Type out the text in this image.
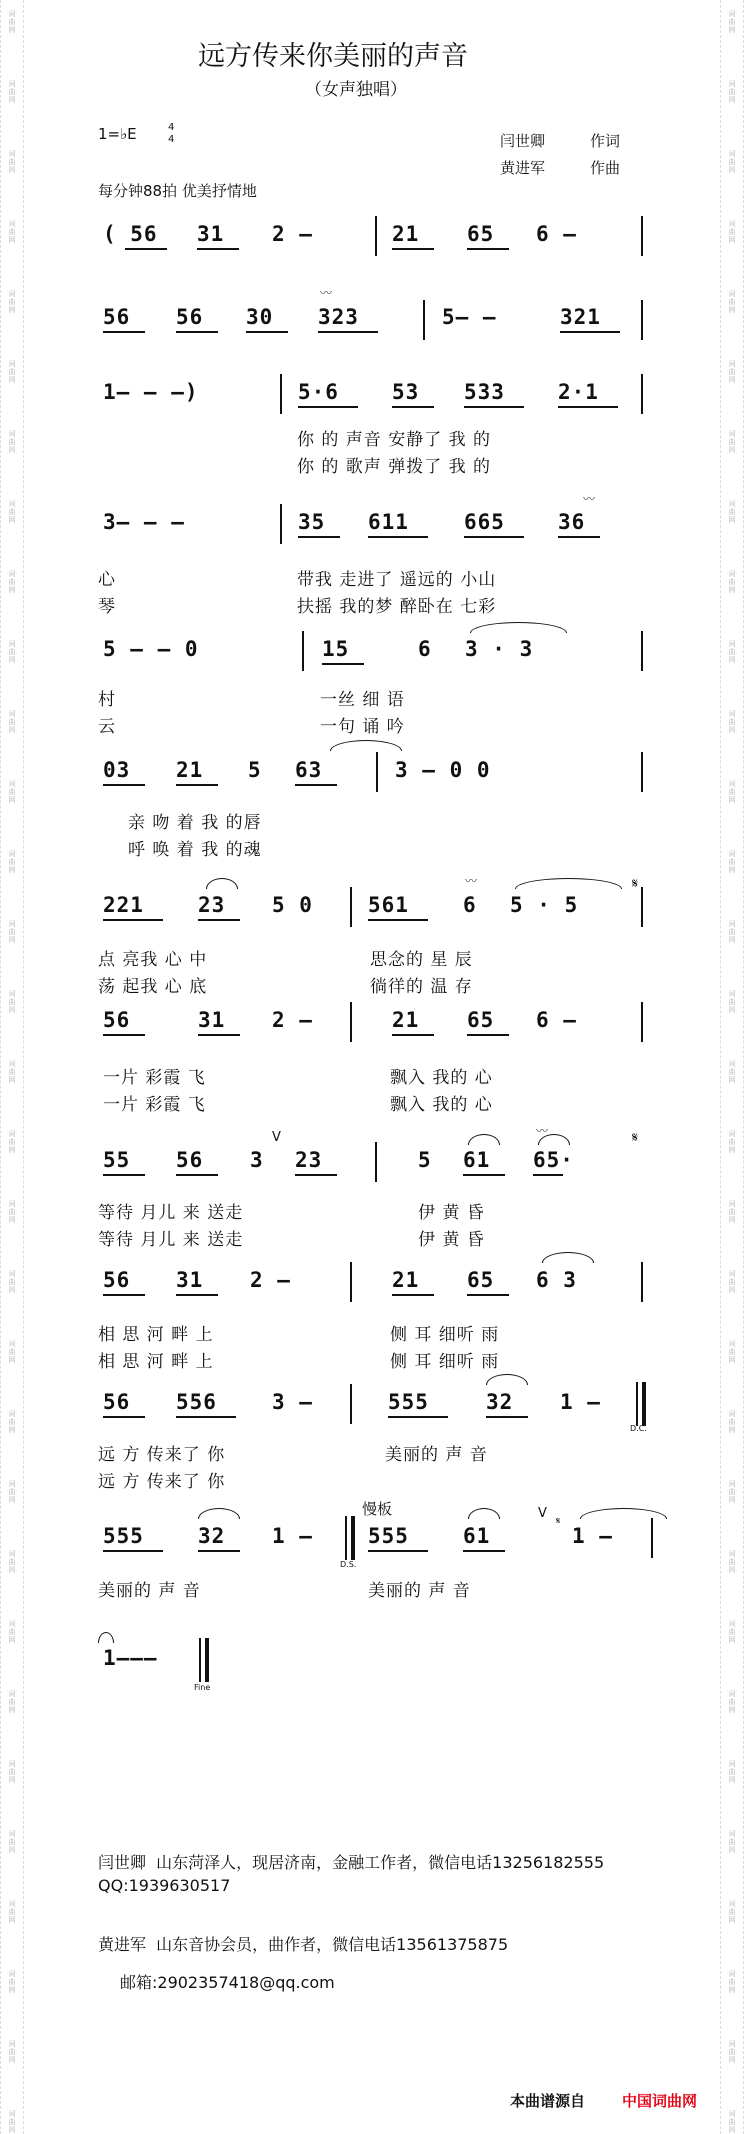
词
曲
网
词
曲
网
词
曲
网
词
曲
网
词
曲
网
词
曲
网
词
曲
网
词
曲
网
词
曲
网
词
曲
网
词
曲
网
词
曲
网
词
曲
网
词
曲
网
词
曲
网
词
曲
网
词
曲
网
词
曲
网
词
曲
网
词
曲
网
词
曲
网
词
曲
网
词
曲
网
词
曲
网
词
曲
网
词
曲
网
词
曲
网
词
曲
网
词
曲
网
词
曲
网
词
曲
网
词
曲
网
词
曲
网
词
曲
网
词
曲
网
词
曲
网
词
曲
网
词
曲
网
词
曲
网
词
曲
网
词
曲
网
词
曲
网
词
曲
网
词
曲
网
词
曲
网
词
曲
网
词
曲
网
词
曲
网
词
曲
网
词
曲
网
词
曲
网
词
曲
网
词
曲
网
词
曲
网
词
曲
网
词
曲
网
词
曲
网
词
曲
网
词
曲
网
词
曲
网
词
曲
网
词
曲
网
远方传来你美丽的声音
（女声独唱）
1=♭E	4
4	闫世卿	作词
黄进军	作曲
每分钟88拍 优美抒情地
( 56 31 2 —	21 65 6 —
56 56 30 323
〰
5— —	321
1— — —)	5·6	53 533	2·1
你 的 声音 安静了 我 的
你 的 歌声 弹拨了 我 的
3— — —	35 611	665	36
〰
心	带我 走进了 遥远的 小山
琴	扶摇 我的梦 醉卧在 七彩
5 — — 0	15	6 3 · 3
村	一丝 细 语
云	一句 诵 吟
03 21 5 63	3 — 0 0
亲 吻 着 我 的唇
呼 唤 着 我 的魂
221	23 5 0	561	6
〰
5 · 5
𝄋
点 亮我 心 中	思念的 星 辰
荡 起我 心 底	徜徉的 温 存
56	31 2 —	21 65 6 —
一片 彩霞 飞	飘入 我的 心
一片 彩霞 飞	飘入 我的 心
55 56 3
V
23	5 61 65·
〰	𝄋
等待 月儿 来 送走	伊 黄 昏
等待 月儿 来 送走	伊 黄 昏
56 31 2 —	21 65 6 3
相 思 河 畔 上	侧 耳 细听 雨
相 思 河 畔 上	侧 耳 细听 雨
56 556	3 —	555	32 1 —
D.C.
远 方 传来了 你	美丽的 声 音
远 方 传来了 你
慢板
555	32 1 —
D.S.
555	61
V
𝄋
1 —
美丽的 声 音	美丽的 声 音
1———
Fine
闫世卿  山东菏泽人，现居济南，金融工作者，微信电话13256182555
QQ:1939630517
黄进军  山东音协会员，曲作者，微信电话13561375875
邮箱:2902357418@qq.com
本曲谱源自 中国词曲网
